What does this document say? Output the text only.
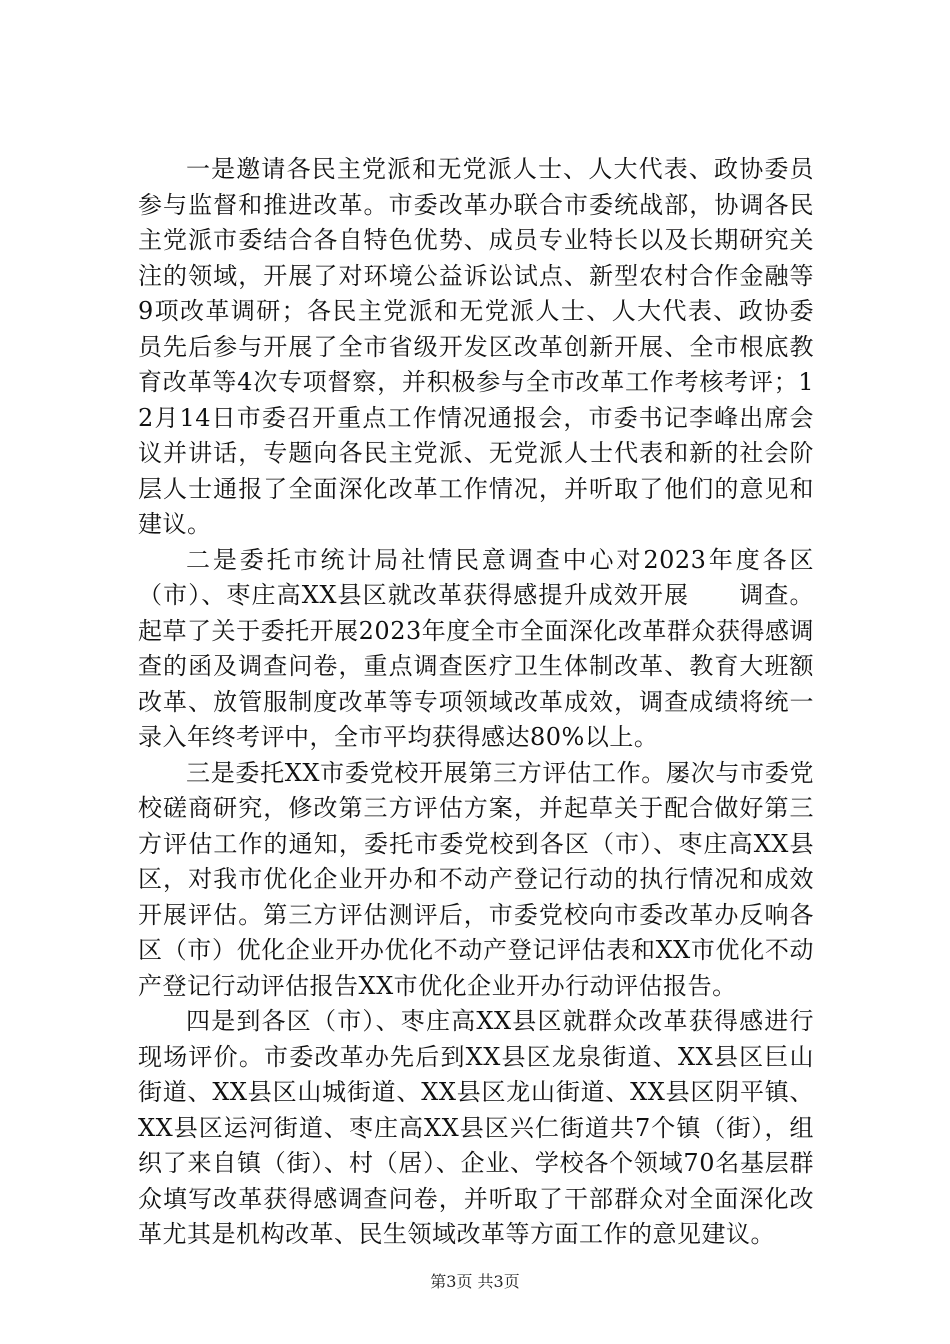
一是邀请各民主党派和无党派人士、人大代表、政协委员参与监督和推进改革。市委改革办联合市委统战部，协调各民主党派市委结合各自特色优势、成员专业特长以及长期研究关注的领域，开展了对环境公益诉讼试点、新型农村合作金融等9项改革调研；各民主党派和无党派人士、人大代表、政协委员先后参与开展了全市省级开发区改革创新开展、全市根底教育改革等4次专项督察，并积极参与全市改革工作考核考评；12月14日市委召开重点工作情况通报会，市委书记李峰出席会议并讲话，专题向各民主党派、无党派人士代表和新的社会阶层人士通报了全面深化改革工作情况，并听取了他们的意见和建议。

二是委托市统计局社情民意调查中心对2023年度各区（市）、枣庄高XX县区就改革获得感提升成效开展　　调查。起草了关于委托开展2023年度全市全面深化改革群众获得感调查的函及调查问卷，重点调查医疗卫生体制改革、教育大班额改革、放管服制度改革等专项领域改革成效，调查成绩将统一录入年终考评中，全市平均获得感达80%以上。

三是委托XX市委党校开展第三方评估工作。屡次与市委党校磋商研究，修改第三方评估方案，并起草关于配合做好第三方评估工作的通知，委托市委党校到各区（市）、枣庄高XX县区，对我市优化企业开办和不动产登记行动的执行情况和成效开展评估。第三方评估测评后，市委党校向市委改革办反响各区（市）优化企业开办优化不动产登记评估表和XX市优化不动产登记行动评估报告XX市优化企业开办行动评估报告。

四是到各区（市）、枣庄高XX县区就群众改革获得感进行现场评价。市委改革办先后到XX县区龙泉街道、XX县区巨山街道、XX县区山城街道、XX县区龙山街道、XX县区阴平镇、XX县区运河街道、枣庄高XX县区兴仁街道共7个镇（街），组织了来自镇（街）、村（居）、企业、学校各个领域70名基层群众填写改革获得感调查问卷，并听取了干部群众对全面深化改革尤其是机构改革、民生领域改革等方面工作的意见建议。

第3页 共3页
